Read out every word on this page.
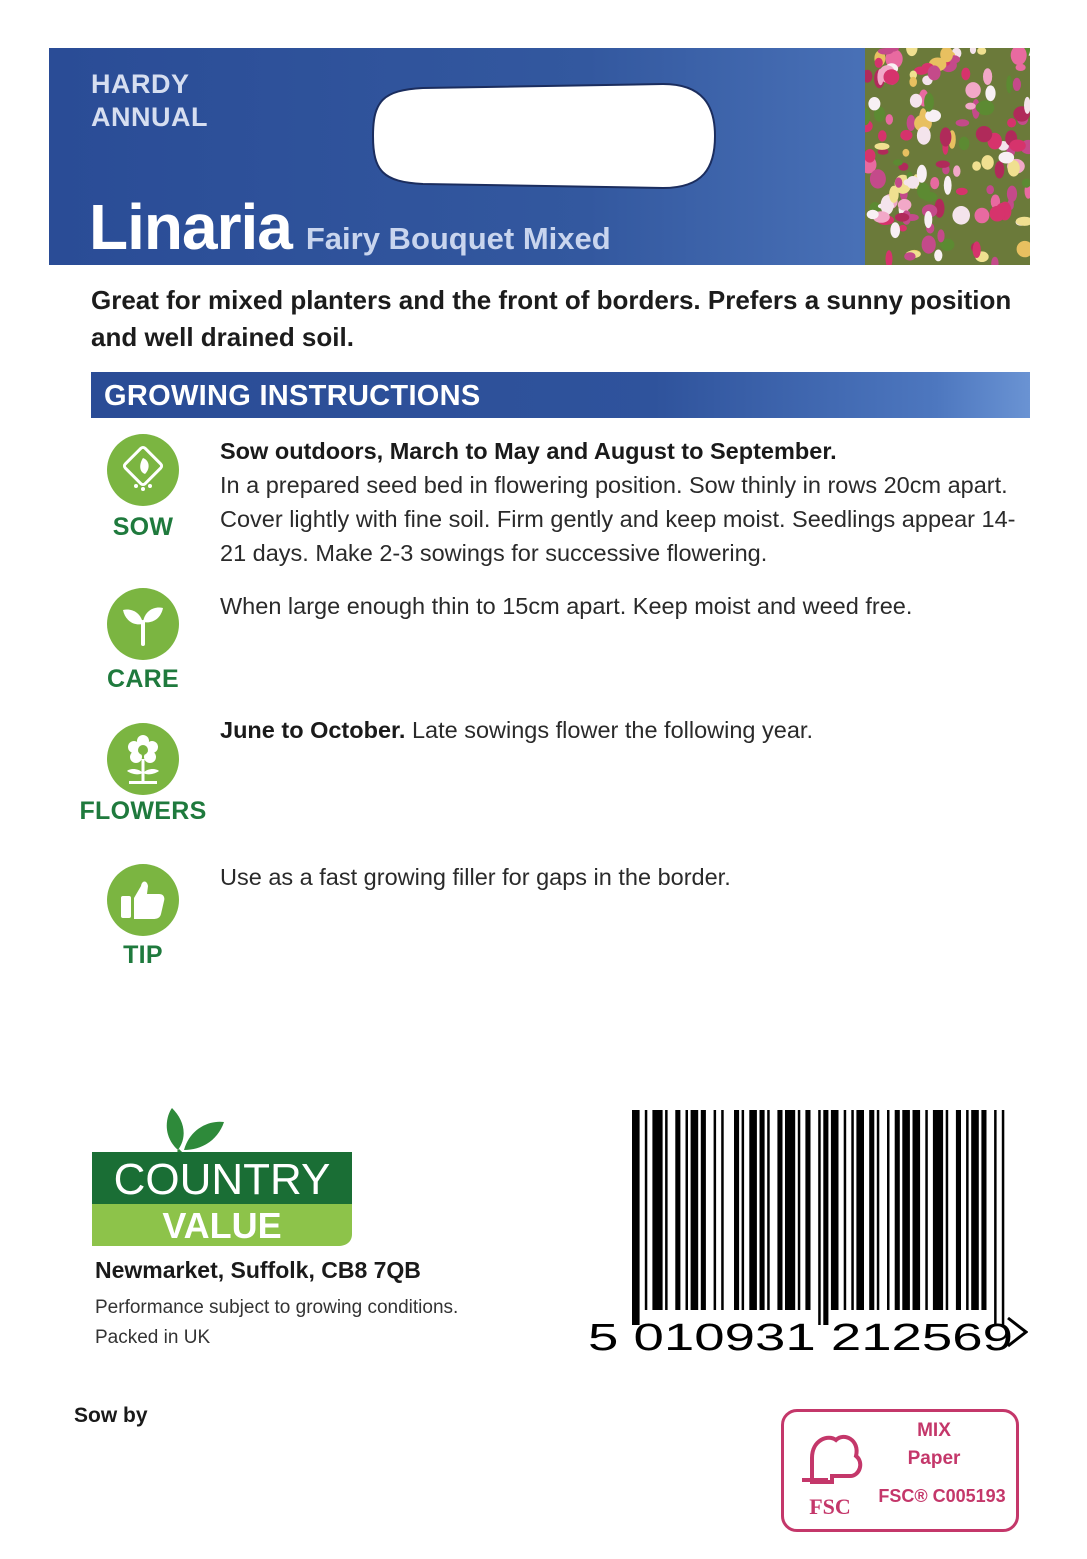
HARDY
ANNUAL
Linaria Fairy Bouquet Mixed
Great for mixed planters and the front of borders. Prefers a sunny position and well drained soil.
GROWING INSTRUCTIONS
SOW
Sow outdoors, March to May and August to September.
In a prepared seed bed in flowering position. Sow thinly in rows 20cm apart. Cover lightly with fine soil. Firm gently and keep moist. Seedlings appear 14-21 days. Make 2-3 sowings for successive flowering.
CARE
When large enough thin to 15cm apart. Keep moist and weed free.
FLOWERS
June to October. Late sowings flower the following year.
TIP
Use as a fast growing filler for gaps in the border.
COUNTRY
VALUE
Newmarket, Suffolk, CB8 7QB
Performance subject to growing conditions.
Packed in UK	5 010931 212569
Sow by
FSC
MIX
Paper
FSC® C005193
